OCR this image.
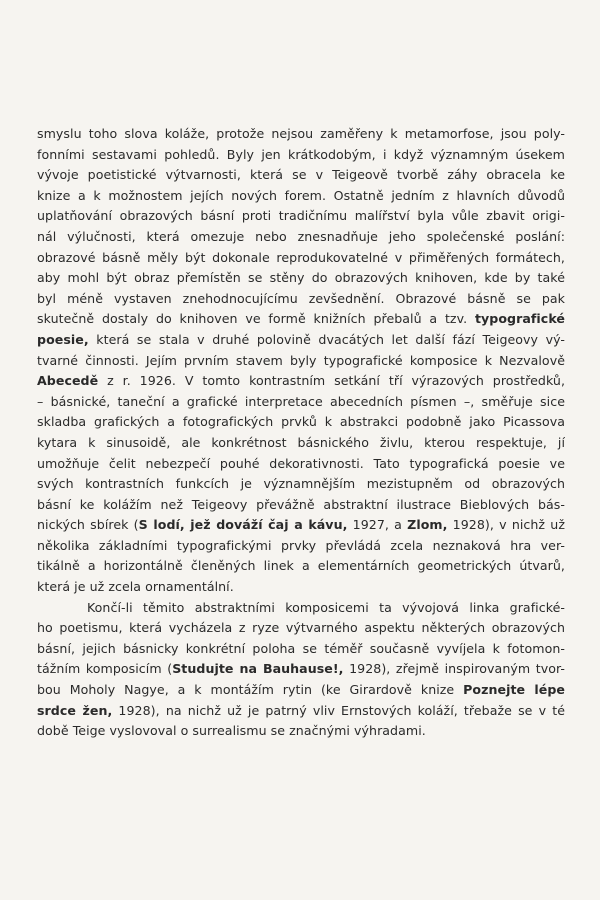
smyslu toho slova koláže, protože nejsou zaměřeny k metamorfose, jsou poly-
fonními sestavami pohledů. Byly jen krátkodobým, i když významným úsekem
vývoje poetistické výtvarnosti, která se v Teigeově tvorbě záhy obracela ke
knize a k možnostem jejích nových forem. Ostatně jedním z hlavních důvodů
uplatňování obrazových básní proti tradičnímu malířství byla vůle zbavit origi-
nál výlučnosti, která omezuje nebo znesnadňuje jeho společenské poslání:
obrazové básně měly být dokonale reprodukovatelné v přiměřených formátech,
aby mohl být obraz přemístěn se stěny do obrazových knihoven, kde by také
byl méně vystaven znehodnocujícímu zevšednění. Obrazové básně se pak
skutečně dostaly do knihoven ve formě knižních přebalů a tzv. typografické
poesie, která se stala v druhé polovině dvacátých let další fází Teigeovy vý-
tvarné činnosti. Jejím prvním stavem byly typografické komposice k Nezvalově
Abecedě z r. 1926. V tomto kontrastním setkání tří výrazových prostředků,
– básnické, taneční a grafické interpretace abecedních písmen –, směřuje sice
skladba grafických a fotografických prvků k abstrakci podobně jako Picassova
kytara k sinusoidě, ale konkrétnost básnického živlu, kterou respektuje, jí
umožňuje čelit nebezpečí pouhé dekorativnosti. Tato typografická poesie ve
svých kontrastních funkcích je významnějším mezistupněm od obrazových
básní ke kolážím než Teigeovy převážně abstraktní ilustrace Bieblových bás-
nických sbírek (S lodí, jež dováží čaj a kávu, 1927, a Zlom, 1928), v nichž už
několika základními typografickými prvky převládá zcela neznaková hra ver-
tikálně a horizontálně členěných linek a elementárních geometrických útvarů,
která je už zcela ornamentální.
Končí-li těmito abstraktními komposicemi ta vývojová linka grafické-
ho poetismu, která vycházela z ryze výtvarného aspektu některých obrazových
básní, jejich básnicky konkrétní poloha se téměř současně vyvíjela k fotomon-
tážním komposicím (Studujte na Bauhause!, 1928), zřejmě inspirovaným tvor-
bou Moholy Nagye, a k montážím rytin (ke Girardově knize Poznejte lépe
srdce žen, 1928), na nichž už je patrný vliv Ernstových koláží, třebaže se v té
době Teige vyslovoval o surrealismu se značnými výhradami.
